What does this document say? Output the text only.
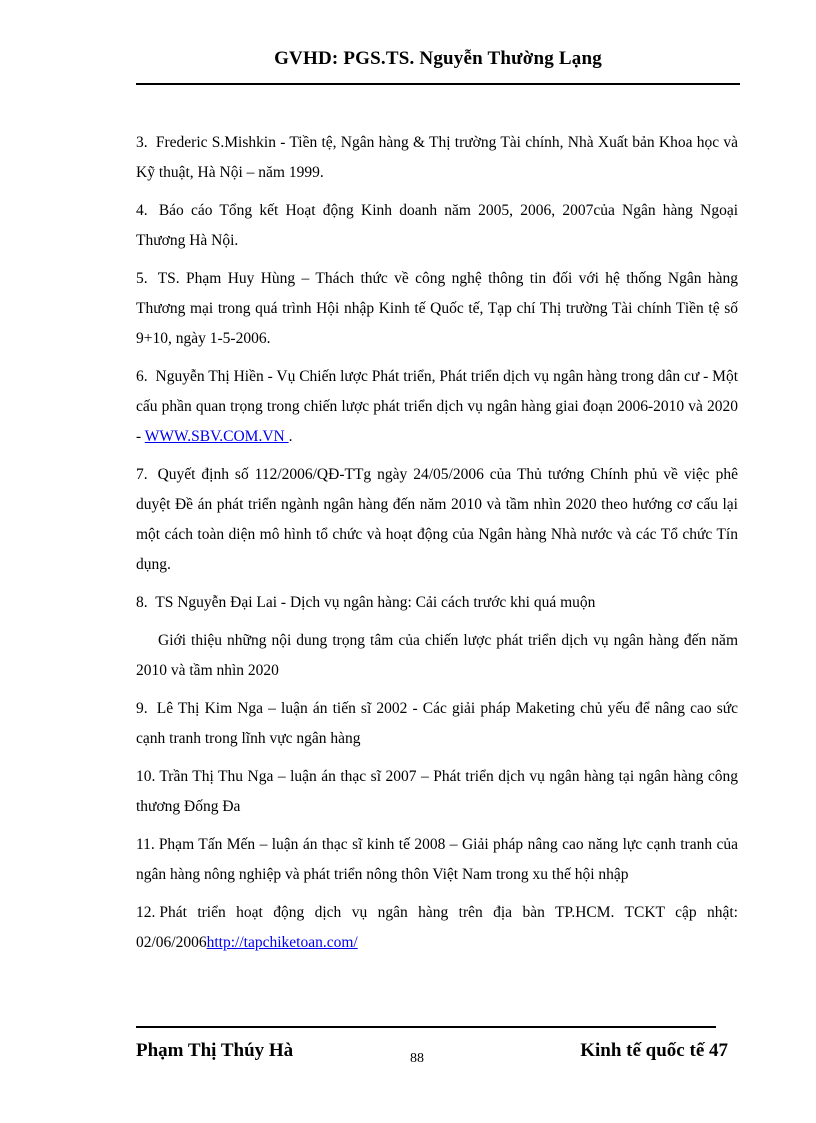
GVHD: PGS.TS. Nguyễn Thường Lạng

3. Frederic S.Mishkin - Tiền tệ, Ngân hàng & Thị trường Tài chính, Nhà Xuất bản Khoa học và Kỹ thuật, Hà Nội – năm 1999.

4. Báo cáo Tổng kết Hoạt động Kinh doanh năm 2005, 2006, 2007của Ngân hàng Ngoại Thương Hà Nội.

5. TS. Phạm Huy Hùng – Thách thức về công nghệ thông tin đối với hệ thống Ngân hàng Thương mại trong quá trình Hội nhập Kinh tế Quốc tế, Tạp chí Thị trường Tài chính Tiền tệ số 9+10, ngày 1-5-2006.

6. Nguyễn Thị Hiền - Vụ Chiến lược Phát triển, Phát triển dịch vụ ngân hàng trong dân cư - Một cấu phần quan trọng trong chiến lược phát triển dịch vụ ngân hàng giai đoạn 2006-2010 và 2020 - WWW.SBV.COM.VN .

7. Quyết định số 112/2006/QĐ-TTg ngày 24/05/2006 của Thủ tướng Chính phủ về việc phê duyệt Đề án phát triển ngành ngân hàng đến năm 2010 và tầm nhìn 2020 theo hướng cơ cấu lại một cách toàn diện mô hình tổ chức và hoạt động của Ngân hàng Nhà nước và các Tổ chức Tín dụng.

8. TS Nguyễn Đại Lai - Dịch vụ ngân hàng: Cải cách trước khi quá muộn

Giới thiệu những nội dung trọng tâm của chiến lược phát triển dịch vụ ngân hàng đến năm 2010 và tầm nhìn 2020

9. Lê Thị Kim Nga – luận án tiến sĩ 2002 - Các giải pháp Maketing chủ yếu để nâng cao sức cạnh tranh trong lĩnh vực ngân hàng

10. Trần Thị Thu Nga – luận án thạc sĩ 2007 – Phát triển dịch vụ ngân hàng tại ngân hàng công thương Đống Đa

11. Phạm Tấn Mến – luận án thạc sĩ kinh tế 2008 – Giải pháp nâng cao năng lực cạnh tranh của ngân hàng nông nghiệp và phát triển nông thôn Việt Nam trong xu thế hội nhập

12. Phát triển hoạt động dịch vụ ngân hàng trên địa bàn TP.HCM. TCKT cập nhật: 02/06/2006http://tapchiketoan.com/

Phạm Thị Thúy Hà	88	Kinh tế quốc tế 47
